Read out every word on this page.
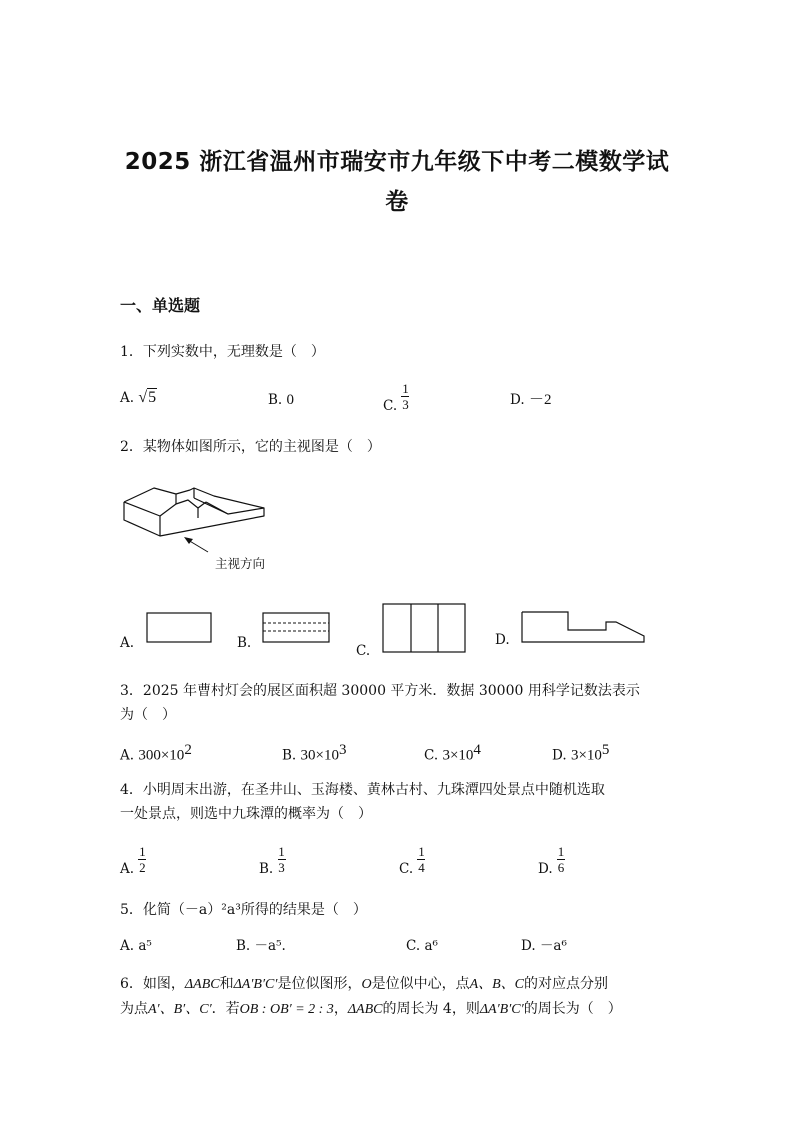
2025 浙江省温州市瑞安市九年级下中考二模数学试
卷
一、单选题
1．下列实数中，无理数是（　）
A. √5	B. 0	C. $\frac{1}{3}$	D. －2
2．某物体如图所示，它的主视图是（　）
主视方向
A.	B.	C.
D.
3．2025 年曹村灯会的展区面积超 30000 平方米．数据 30000 用科学记数法表示
为（　）
A. $300\times 10^2$	B. $30\times 10^3$	C. $3\times 10^4$	D. $3\times 10^5$
4．小明周末出游，在圣井山、玉海楼、黄林古村、九珠潭四处景点中随机选取
一处景点，则选中九珠潭的概率为（　）
A. $\frac{1}{2}$	B. $\frac{1}{3}$	C. $\frac{1}{4}$	D. $\frac{1}{6}$
5．化简（－a）²a³所得的结果是（　）
A. a⁵	B. －a⁵.	C. a⁶	D. －a⁶
6．如图，ΔABC和ΔA′B′C′是位似图形，O是位似中心，点A、B、C的对应点分别
为点A′、B′、C′．若OB : OB′ = 2 : 3，ΔABC的周长为 4，则ΔA′B′C′的周长为（　）
